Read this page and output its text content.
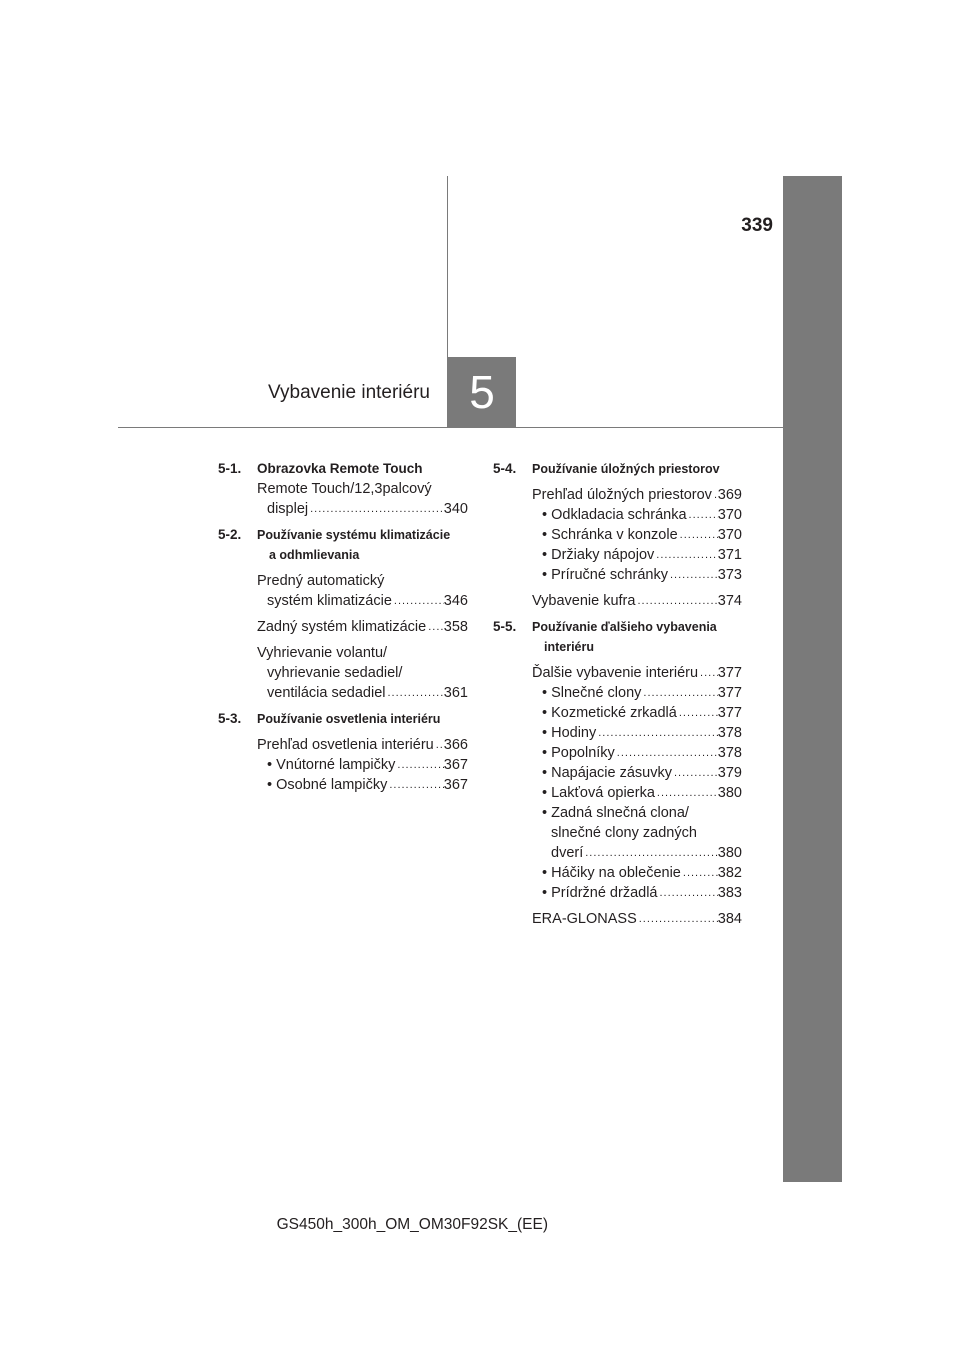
339
Vybavenie interiéru 5
5-1.	Obrazovka Remote Touch
Remote Touch/12,3palcový
displej .....	340
5-2.	Používanie systému klimatizácie
a odhmlievania
Predný automatický
systém klimatizácie .....	346
Zadný systém klimatizácie ..... 358
Vyhrievanie volantu/
vyhrievanie sedadiel/
ventilácia sedadiel .....	361
5-3.	Používanie osvetlenia interiéru
Prehľad osvetlenia interiéru ..... 366
• Vnútorné lampičky .....	367
• Osobné lampičky .....	367
5-4.	Používanie úložných priestorov
Prehľad úložných priestorov ..... 369
• Odkladacia schránka ..... 370
• Schránka v konzole .....	370
• Držiaky nápojov .....	371
• Príručné schránky .....	373
Vybavenie kufra .....	374
5-5.	Používanie ďalšieho vybavenia
interiéru
Ďalšie vybavenie interiéru ..... 377
• Slnečné clony .....	377
• Kozmetické zrkadlá .....	377
• Hodiny .....	378
• Popolníky .....	378
• Napájacie zásuvky .....	379
• Lakťová opierka .....	380
• Zadná slnečná clona/
slnečné clony zadných
dverí .....	380
• Háčiky na oblečenie .....	382
• Prídržné držadlá .....	383
ERA-GLONASS .....	384
GS450h_300h_OM_OM30F92SK_(EE)
